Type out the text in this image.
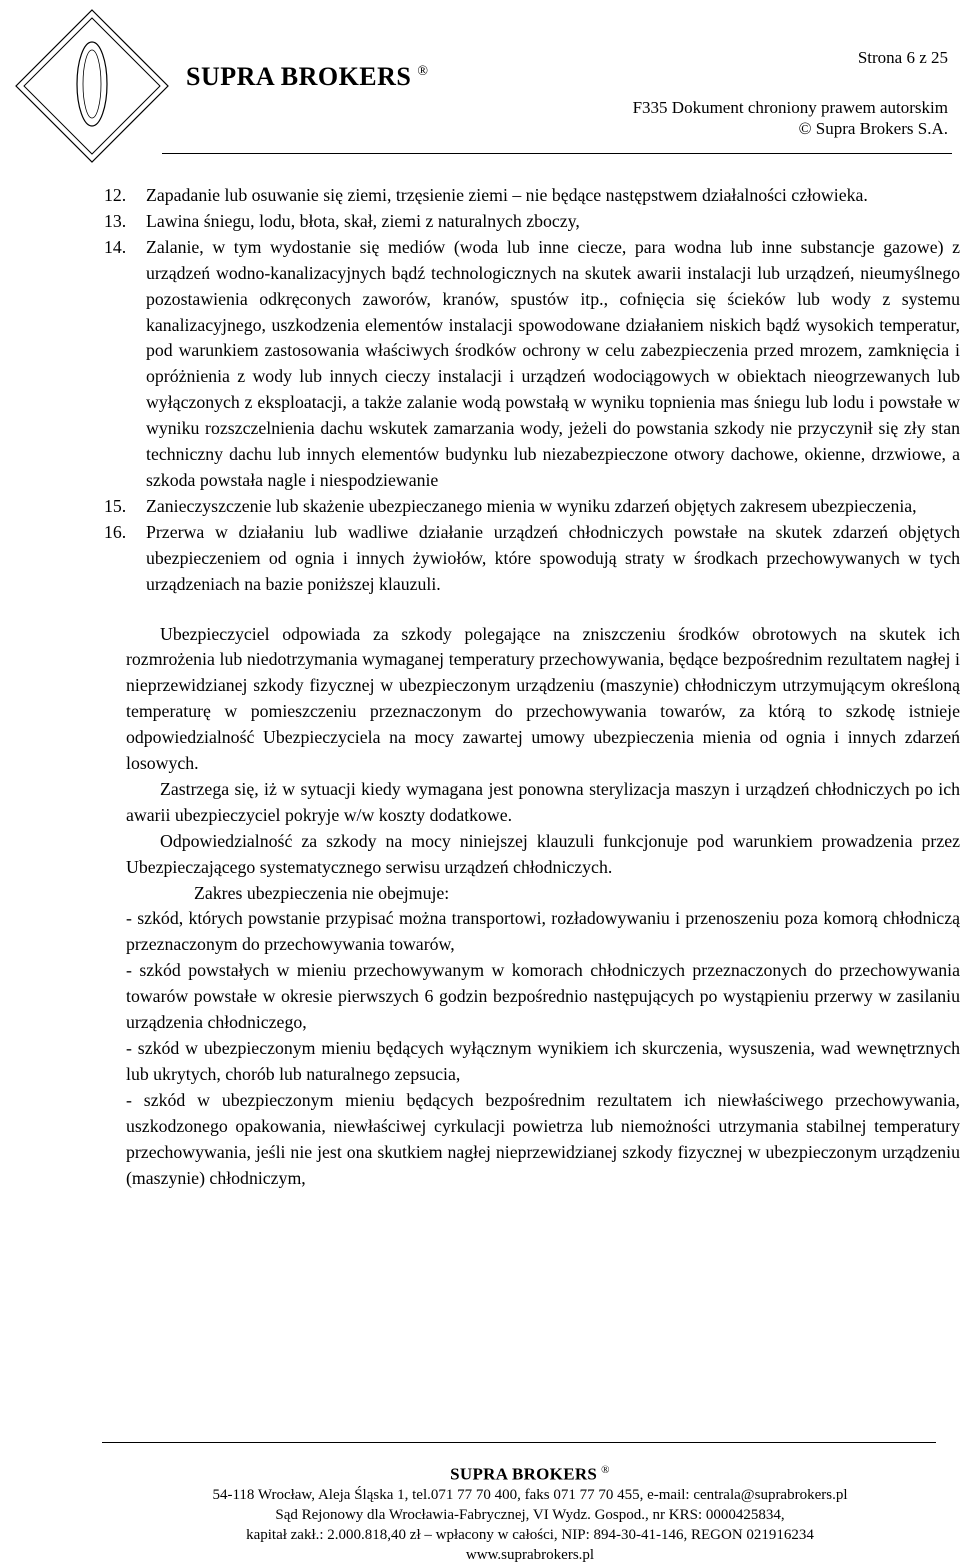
SUPRA BROKERS ®
Strona 6 z 25
F335 Dokument chroniony prawem autorskim
© Supra Brokers S.A.
12. Zapadanie lub osuwanie się ziemi, trzęsienie ziemi – nie będące następstwem działalności człowieka.
13. Lawina śniegu, lodu, błota, skał, ziemi z naturalnych zboczy,
14. Zalanie, w tym wydostanie się mediów (woda lub inne ciecze, para wodna lub inne substancje gazowe) z urządzeń wodno-kanalizacyjnych bądź technologicznych na skutek awarii instalacji lub urządzeń, nieumyślnego pozostawienia odkręconych zaworów, kranów, spustów itp., cofnięcia się ścieków lub wody z systemu kanalizacyjnego, uszkodzenia elementów instalacji spowodowane działaniem niskich bądź wysokich temperatur, pod warunkiem zastosowania właściwych środków ochrony w celu zabezpieczenia przed mrozem, zamknięcia i opróżnienia z wody lub innych cieczy instalacji i urządzeń wodociągowych w obiektach nieogrzewanych lub wyłączonych z eksploatacji, a także zalanie wodą powstałą w wyniku topnienia mas śniegu lub lodu i powstałe w wyniku rozszczelnienia dachu wskutek zamarzania wody, jeżeli do powstania szkody nie przyczynił się zły stan techniczny dachu lub innych elementów budynku lub niezabezpieczone otwory dachowe, okienne, drzwiowe, a szkoda powstała nagle i niespodziewanie
15. Zanieczyszczenie lub skażenie ubezpieczanego mienia w wyniku zdarzeń objętych zakresem ubezpieczenia,
16. Przerwa w działaniu lub wadliwe działanie urządzeń chłodniczych powstałe na skutek zdarzeń objętych ubezpieczeniem od ognia i innych żywiołów, które spowodują straty w środkach przechowywanych w tych urządzeniach na bazie poniższej klauzuli.
Ubezpieczyciel odpowiada za szkody polegające na zniszczeniu środków obrotowych na skutek ich rozmrożenia lub niedotrzymania wymaganej temperatury przechowywania, będące bezpośrednim rezultatem nagłej i nieprzewidzianej szkody fizycznej w ubezpieczonym urządzeniu (maszynie) chłodniczym utrzymującym określoną temperaturę w pomieszczeniu przeznaczonym do przechowywania towarów, za którą to szkodę istnieje odpowiedzialność Ubezpieczyciela na mocy zawartej umowy ubezpieczenia mienia od ognia i innych zdarzeń losowych.
Zastrzega się, iż w sytuacji kiedy wymagana jest ponowna sterylizacja maszyn i urządzeń chłodniczych po ich awarii ubezpieczyciel pokryje w/w koszty dodatkowe.
Odpowiedzialność za szkody na mocy niniejszej klauzuli funkcjonuje pod warunkiem prowadzenia przez Ubezpieczającego systematycznego serwisu urządzeń chłodniczych.
Zakres ubezpieczenia nie obejmuje:
- szkód, których powstanie przypisać można transportowi, rozładowywaniu i przenoszeniu poza komorą chłodniczą przeznaczonym do przechowywania towarów,
- szkód powstałych w mieniu przechowywanym w komorach chłodniczych przeznaczonych do przechowywania towarów powstałe w okresie pierwszych 6 godzin bezpośrednio następujących po wystąpieniu przerwy w zasilaniu urządzenia chłodniczego,
- szkód w ubezpieczonym mieniu będących wyłącznym wynikiem ich skurczenia, wysuszenia, wad wewnętrznych lub ukrytych, chorób lub naturalnego zepsucia,
- szkód w ubezpieczonym mieniu będących bezpośrednim rezultatem ich niewłaściwego przechowywania, uszkodzonego opakowania, niewłaściwej cyrkulacji powietrza lub niemożności utrzymania stabilnej temperatury przechowywania, jeśli nie jest ona skutkiem nagłej nieprzewidzianej szkody fizycznej w ubezpieczonym urządzeniu (maszynie) chłodniczym,
SUPRA BROKERS ®
54-118 Wrocław, Aleja Śląska 1, tel.071 77 70 400, faks 071 77 70 455, e-mail: centrala@suprabrokers.pl
Sąd Rejonowy dla Wrocławia-Fabrycznej, VI Wydz. Gospod., nr KRS: 0000425834,
kapitał zakł.: 2.000.818,40 zł – wpłacony w całości, NIP: 894-30-41-146, REGON 021916234
www.suprabrokers.pl
